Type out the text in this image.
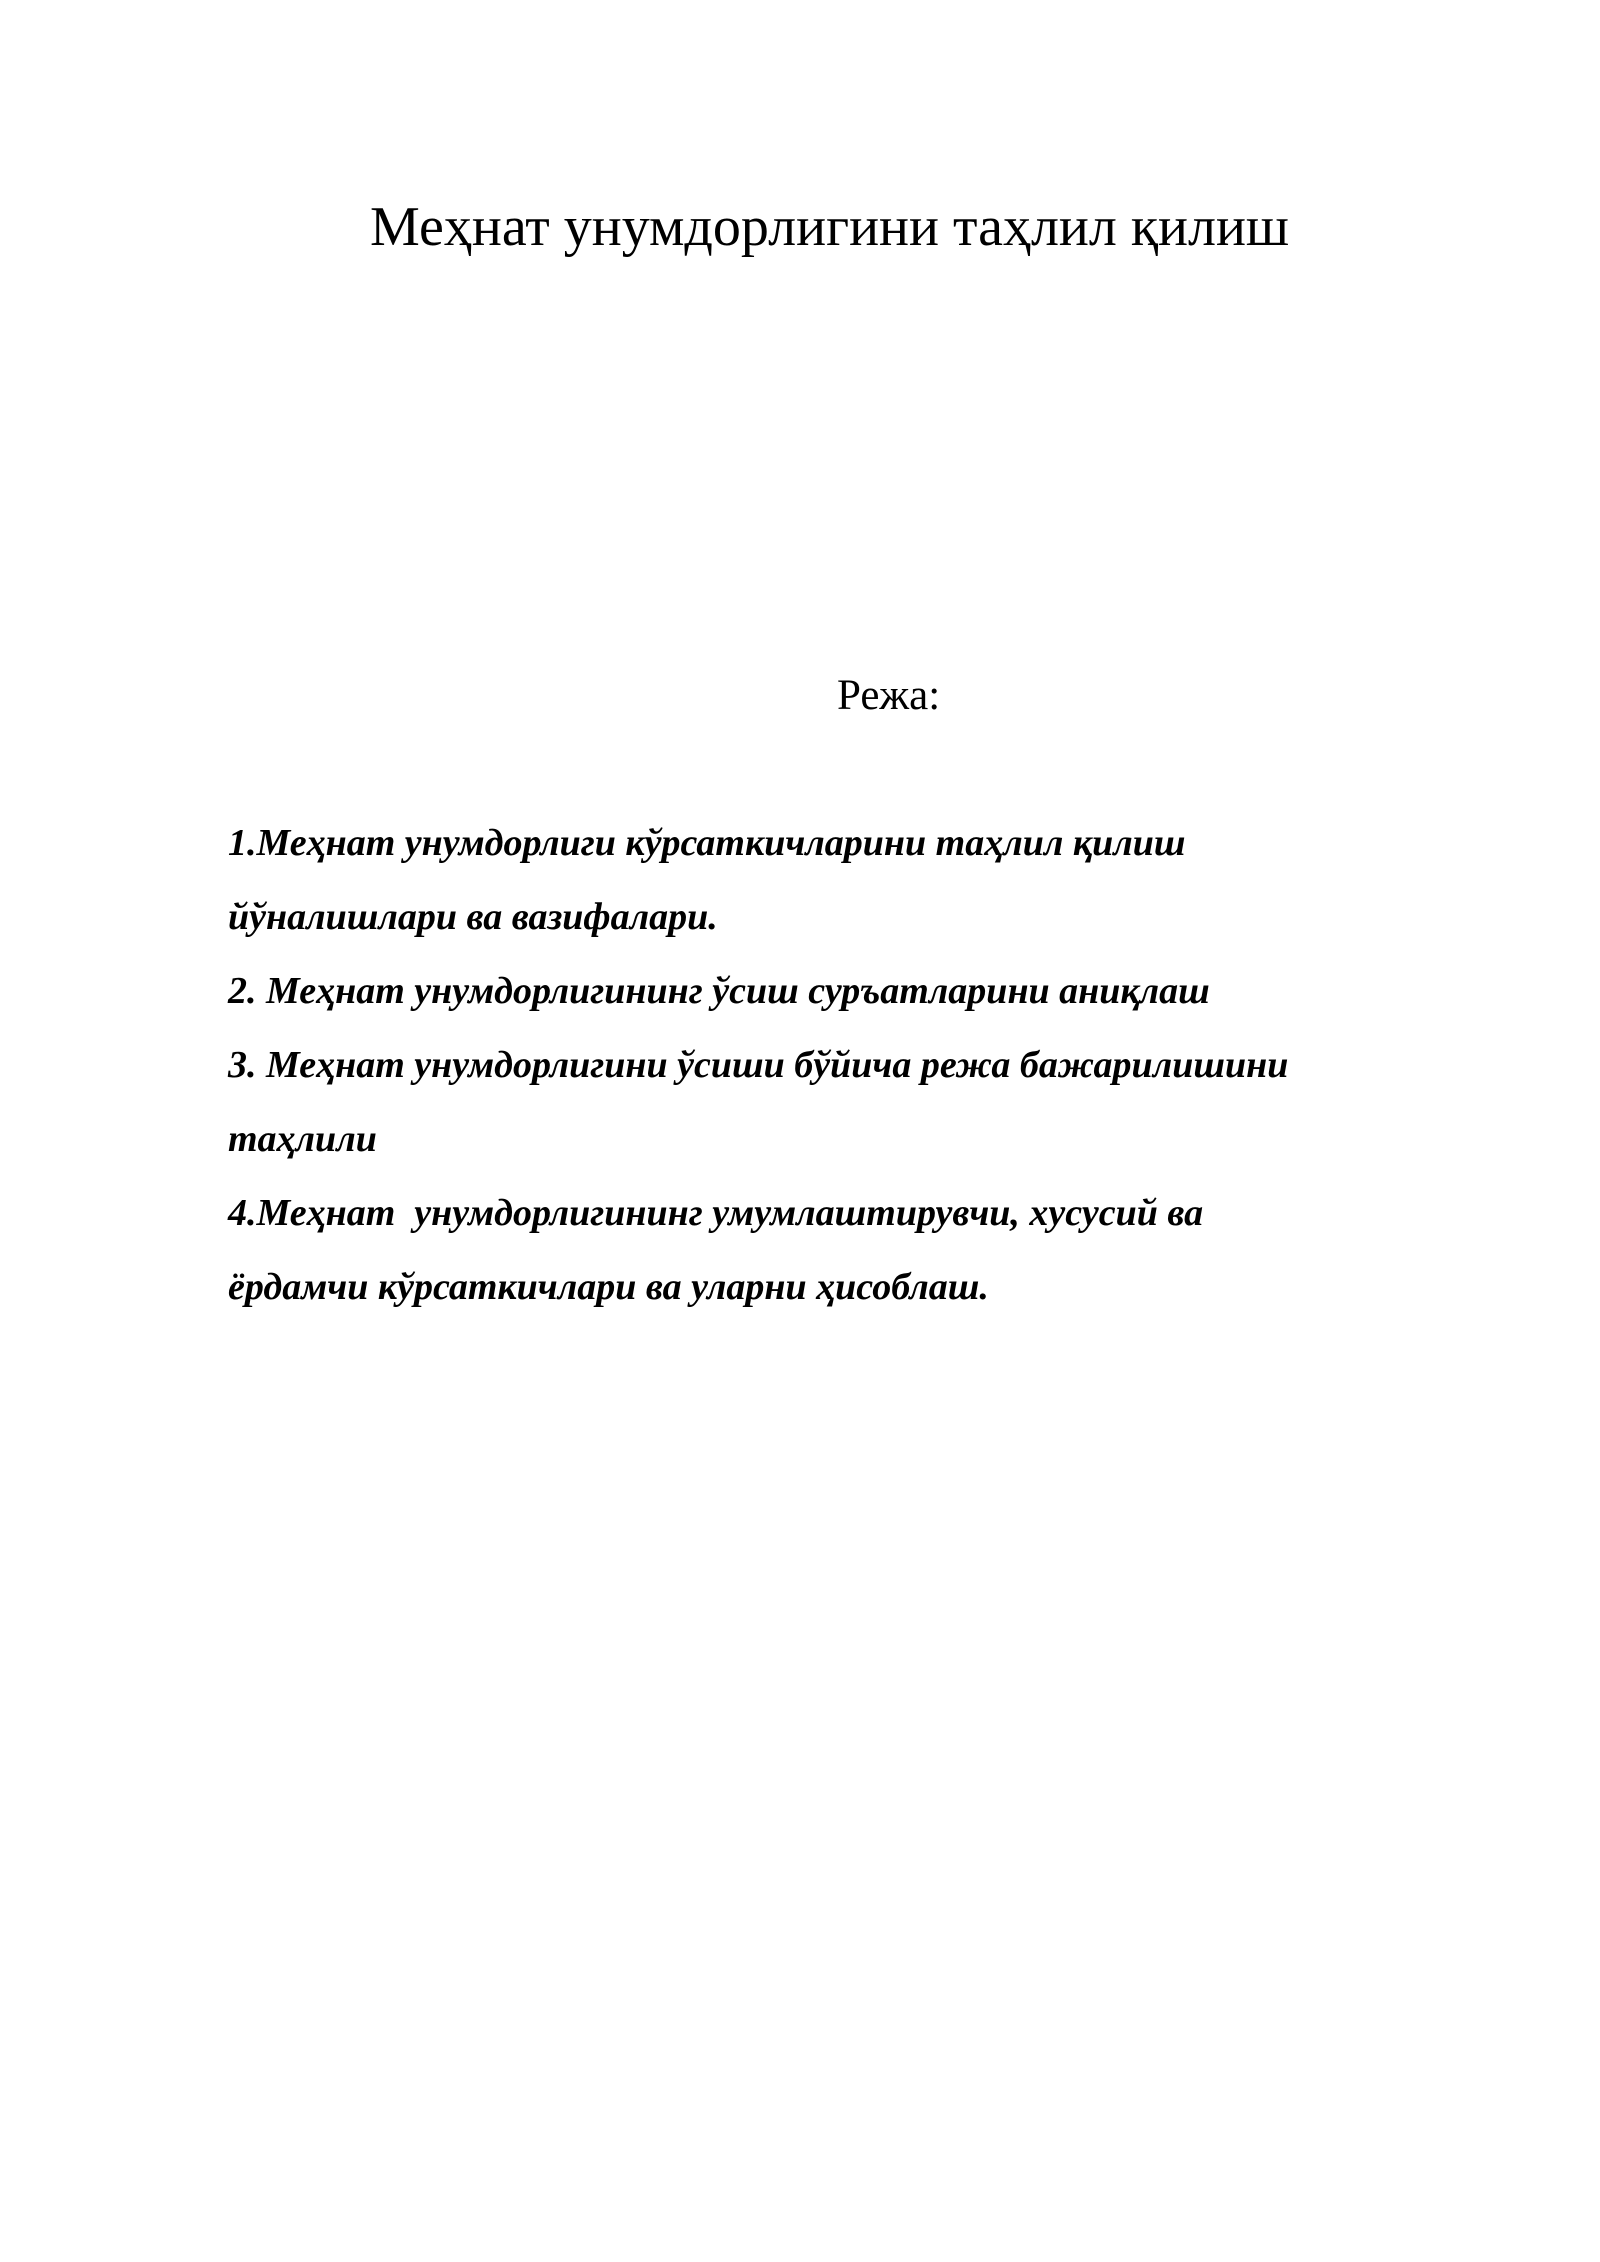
Меҳнат унумдорлигини таҳлил қилиш
Режа:
1.Меҳнат унумдорлиги кўрсаткичларини таҳлил қилиш
йўналишлари ва вазифалари.
2. Меҳнат унумдорлигининг ўсиш суръатларини аниқлаш
3. Меҳнат унумдорлигини ўсиши бўйича режа бажарилишини
таҳлили
4.Меҳнат  унумдорлигининг умумлаштирувчи, хусусий ва
ёрдамчи кўрсаткичлари ва уларни ҳисоблаш.
